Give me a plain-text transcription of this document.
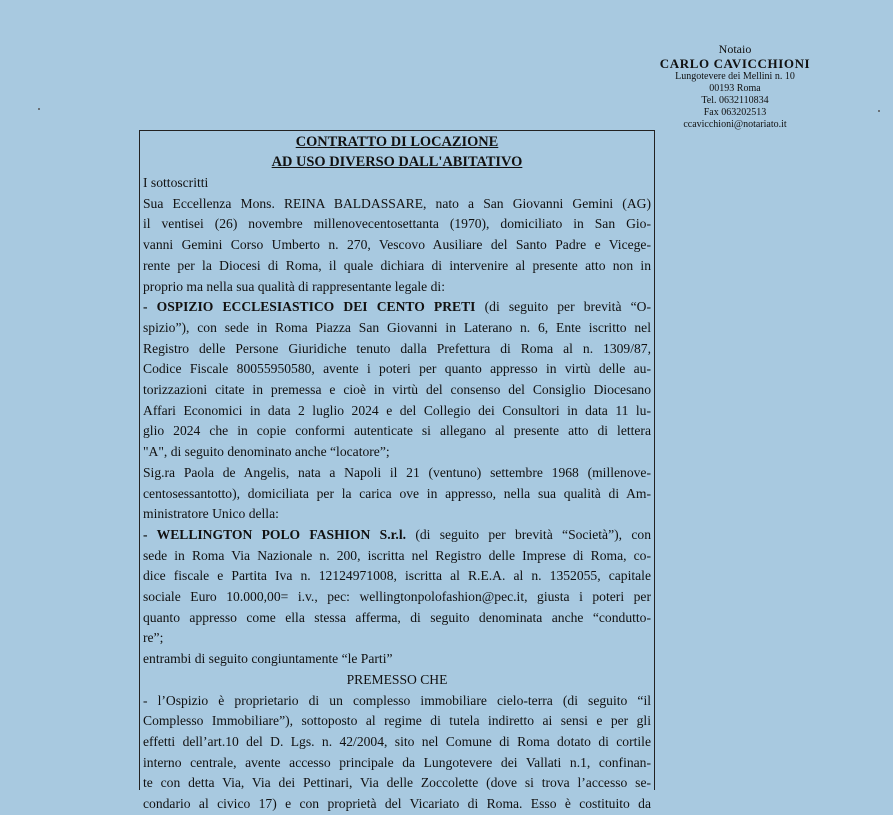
Notaio
CARLO CAVICCHIONI
Lungotevere dei Mellini n. 10
00193 Roma
Tel. 0632110834
Fax 063202513
ccavicchioni@notariato.it
CONTRATTO DI LOCAZIONE
AD USO DIVERSO DALL'ABITATIVO
I sottoscritti
Sua Eccellenza Mons. REINA BALDASSARE, nato a San Giovanni Gemini (AG)
il ventisei (26) novembre millenovecentosettanta (1970), domiciliato in San Gio-
vanni Gemini Corso Umberto n. 270, Vescovo Ausiliare del Santo Padre e Vicege-
rente per la Diocesi di Roma, il quale dichiara di intervenire al presente atto non in
proprio ma nella sua qualità di rappresentante legale di:
- OSPIZIO ECCLESIASTICO DEI CENTO PRETI (di seguito per brevità “O-
spizio”), con sede in Roma Piazza San Giovanni in Laterano n. 6, Ente iscritto nel
Registro delle Persone Giuridiche tenuto dalla Prefettura di Roma al n. 1309/87,
Codice Fiscale 80055950580, avente i poteri per quanto appresso in virtù delle au-
torizzazioni citate in premessa e cioè in virtù del consenso del Consiglio Diocesano
Affari Economici in data 2 luglio 2024 e del Collegio dei Consultori in data 11 lu-
glio 2024 che in copie conformi autenticate si allegano al presente atto di lettera
"A", di seguito denominato anche “locatore”;
Sig.ra Paola de Angelis, nata a Napoli il 21 (ventuno) settembre 1968 (millenove-
centosessantotto), domiciliata per la carica ove in appresso, nella sua qualità di Am-
ministratore Unico della:
- WELLINGTON POLO FASHION S.r.l. (di seguito per brevità “Società”), con
sede in Roma Via Nazionale n. 200, iscritta nel Registro delle Imprese di Roma, co-
dice fiscale e Partita Iva n. 12124971008, iscritta al R.E.A. al n. 1352055, capitale
sociale Euro 10.000,00= i.v., pec: wellingtonpolofashion@pec.it, giusta i poteri per
quanto appresso come ella stessa afferma, di seguito denominata anche “condutto-
re”;
entrambi di seguito congiuntamente “le Parti”
PREMESSO CHE
- l’Ospizio è proprietario di un complesso immobiliare cielo-terra (di seguito “il
Complesso Immobiliare”), sottoposto al regime di tutela indiretto ai sensi e per gli
effetti dell’art.10 del D. Lgs. n. 42/2004, sito nel Comune di Roma dotato di cortile
interno centrale, avente accesso principale da Lungotevere dei Vallati n.1, confinan-
te con detta Via, Via dei Pettinari, Via delle Zoccolette (dove si trova l’accesso se-
condario al civico 17) e con proprietà del Vicariato di Roma. Esso è costituito da
